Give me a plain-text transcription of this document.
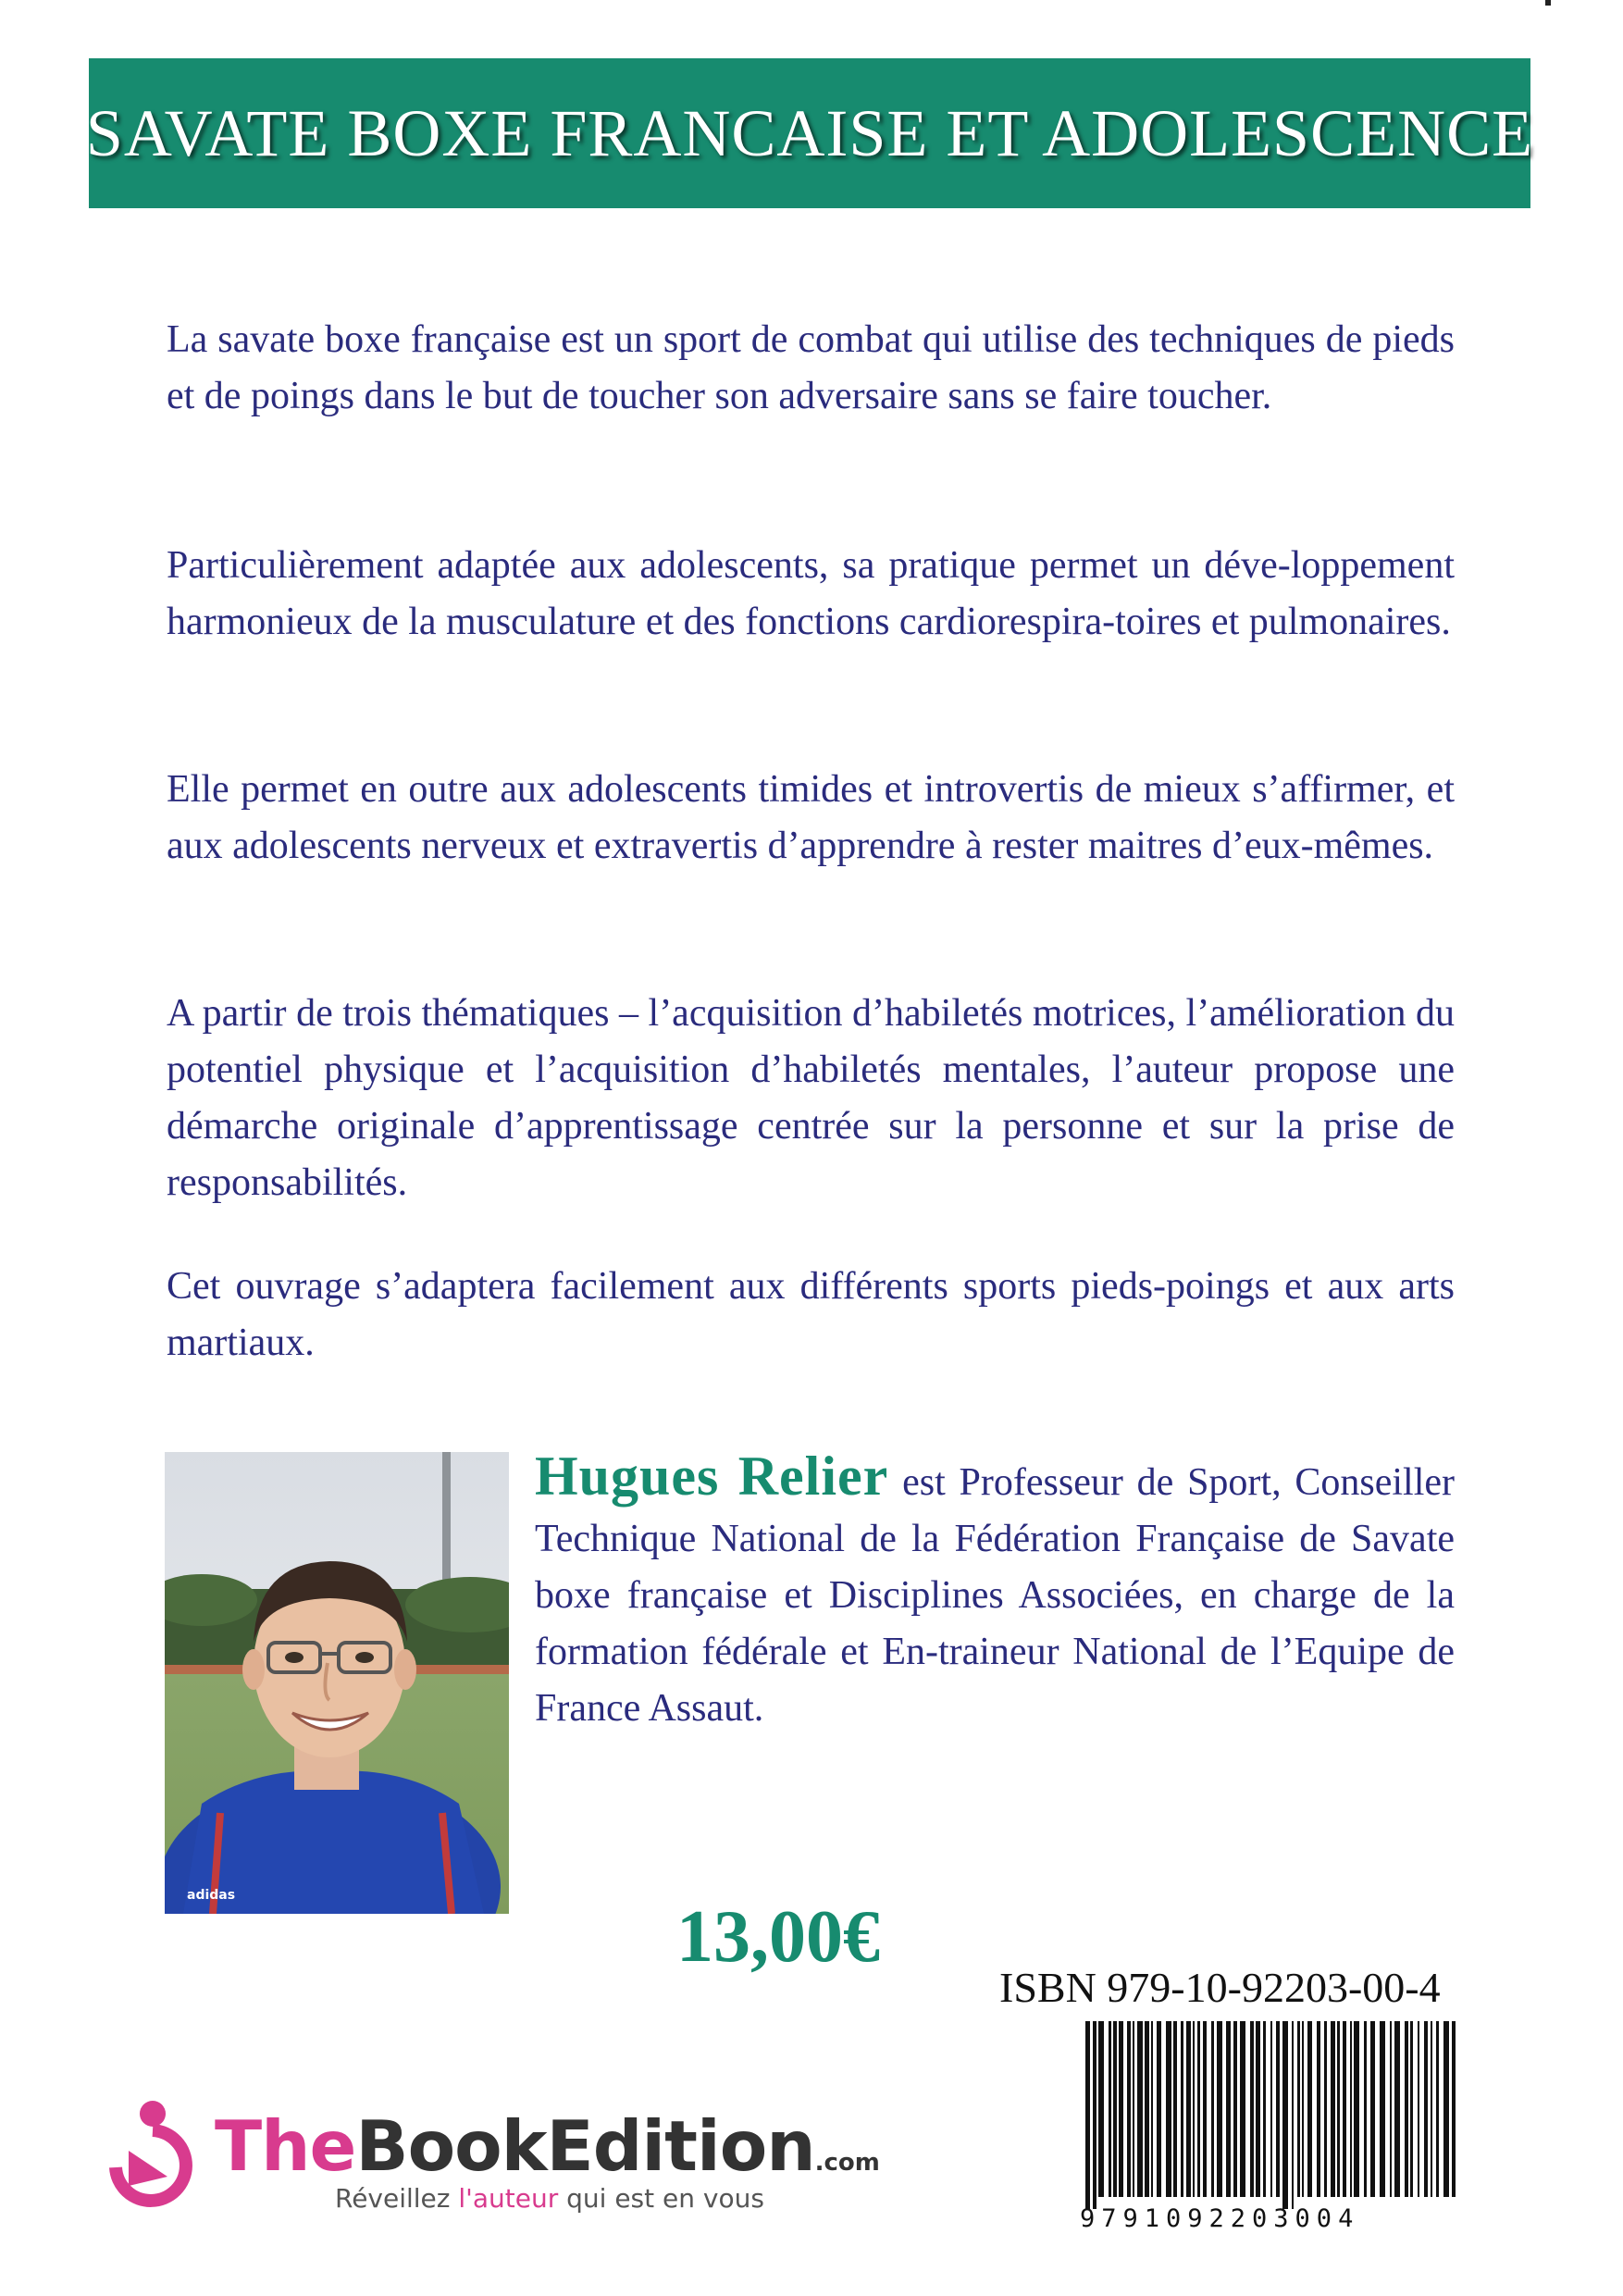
SAVATE BOXE FRANCAISE ET ADOLESCENCE

La savate boxe française est un sport de combat qui utilise des techniques de pieds et de poings dans le but de toucher son adversaire sans se faire toucher.

Particulièrement adaptée aux adolescents, sa pratique permet un déve-loppement harmonieux de la musculature et des fonctions cardiorespira-toires et pulmonaires.

Elle permet en outre aux adolescents timides et introvertis de mieux s’affirmer, et aux adolescents nerveux et extravertis d’apprendre à rester maitres d’eux-mêmes.

A partir de trois thématiques – l’acquisition d’habiletés motrices, l’amélioration du potentiel physique et l’acquisition d’habiletés mentales, l’auteur propose une démarche originale d’apprentissage centrée sur la personne et sur la prise de responsabilités.

Cet ouvrage s’adaptera facilement aux différents sports pieds-poings et aux arts martiaux.

adidas

Hugues Relier est Professeur de Sport, Conseiller Technique National de la Fédération Française de Savate boxe française et Disciplines Associées, en charge de la formation fédérale et En-traineur National de l’Equipe de France Assaut.

13,00€
ISBN 979-10-92203-00-4
9791092203004
TheBookEdition.com
Réveillez l'auteur qui est en vous
